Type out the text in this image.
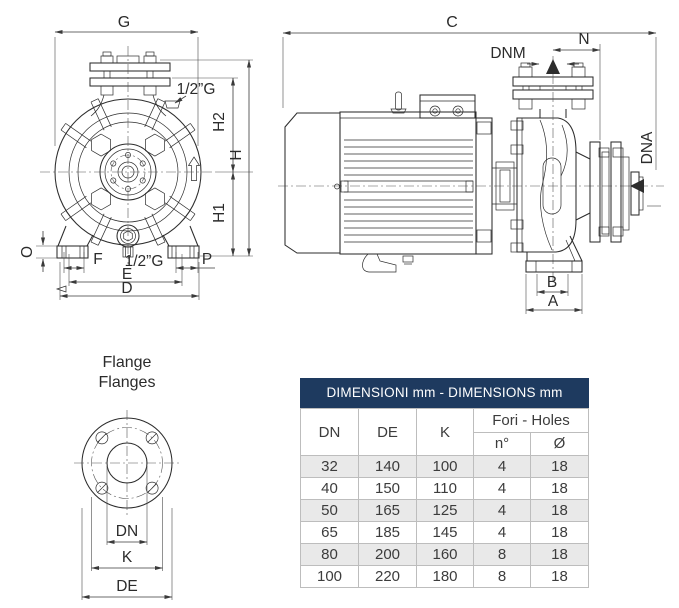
G
1/2”G
O	F 1/2”G P
E
D
H2
H
H1
C
DNM
N
DNA
B
A
Flange
Flanges
DN
K
DE
DIMENSIONI mm - DIMENSIONS mm
DN	DE	K	Fori - Holes	
			n°	Ø
32	140	100	4	18
40	150	110	4	18
50	165	125	4	18
65	185	145	4	18
80	200	160	8	18
100	220	180	8	18
